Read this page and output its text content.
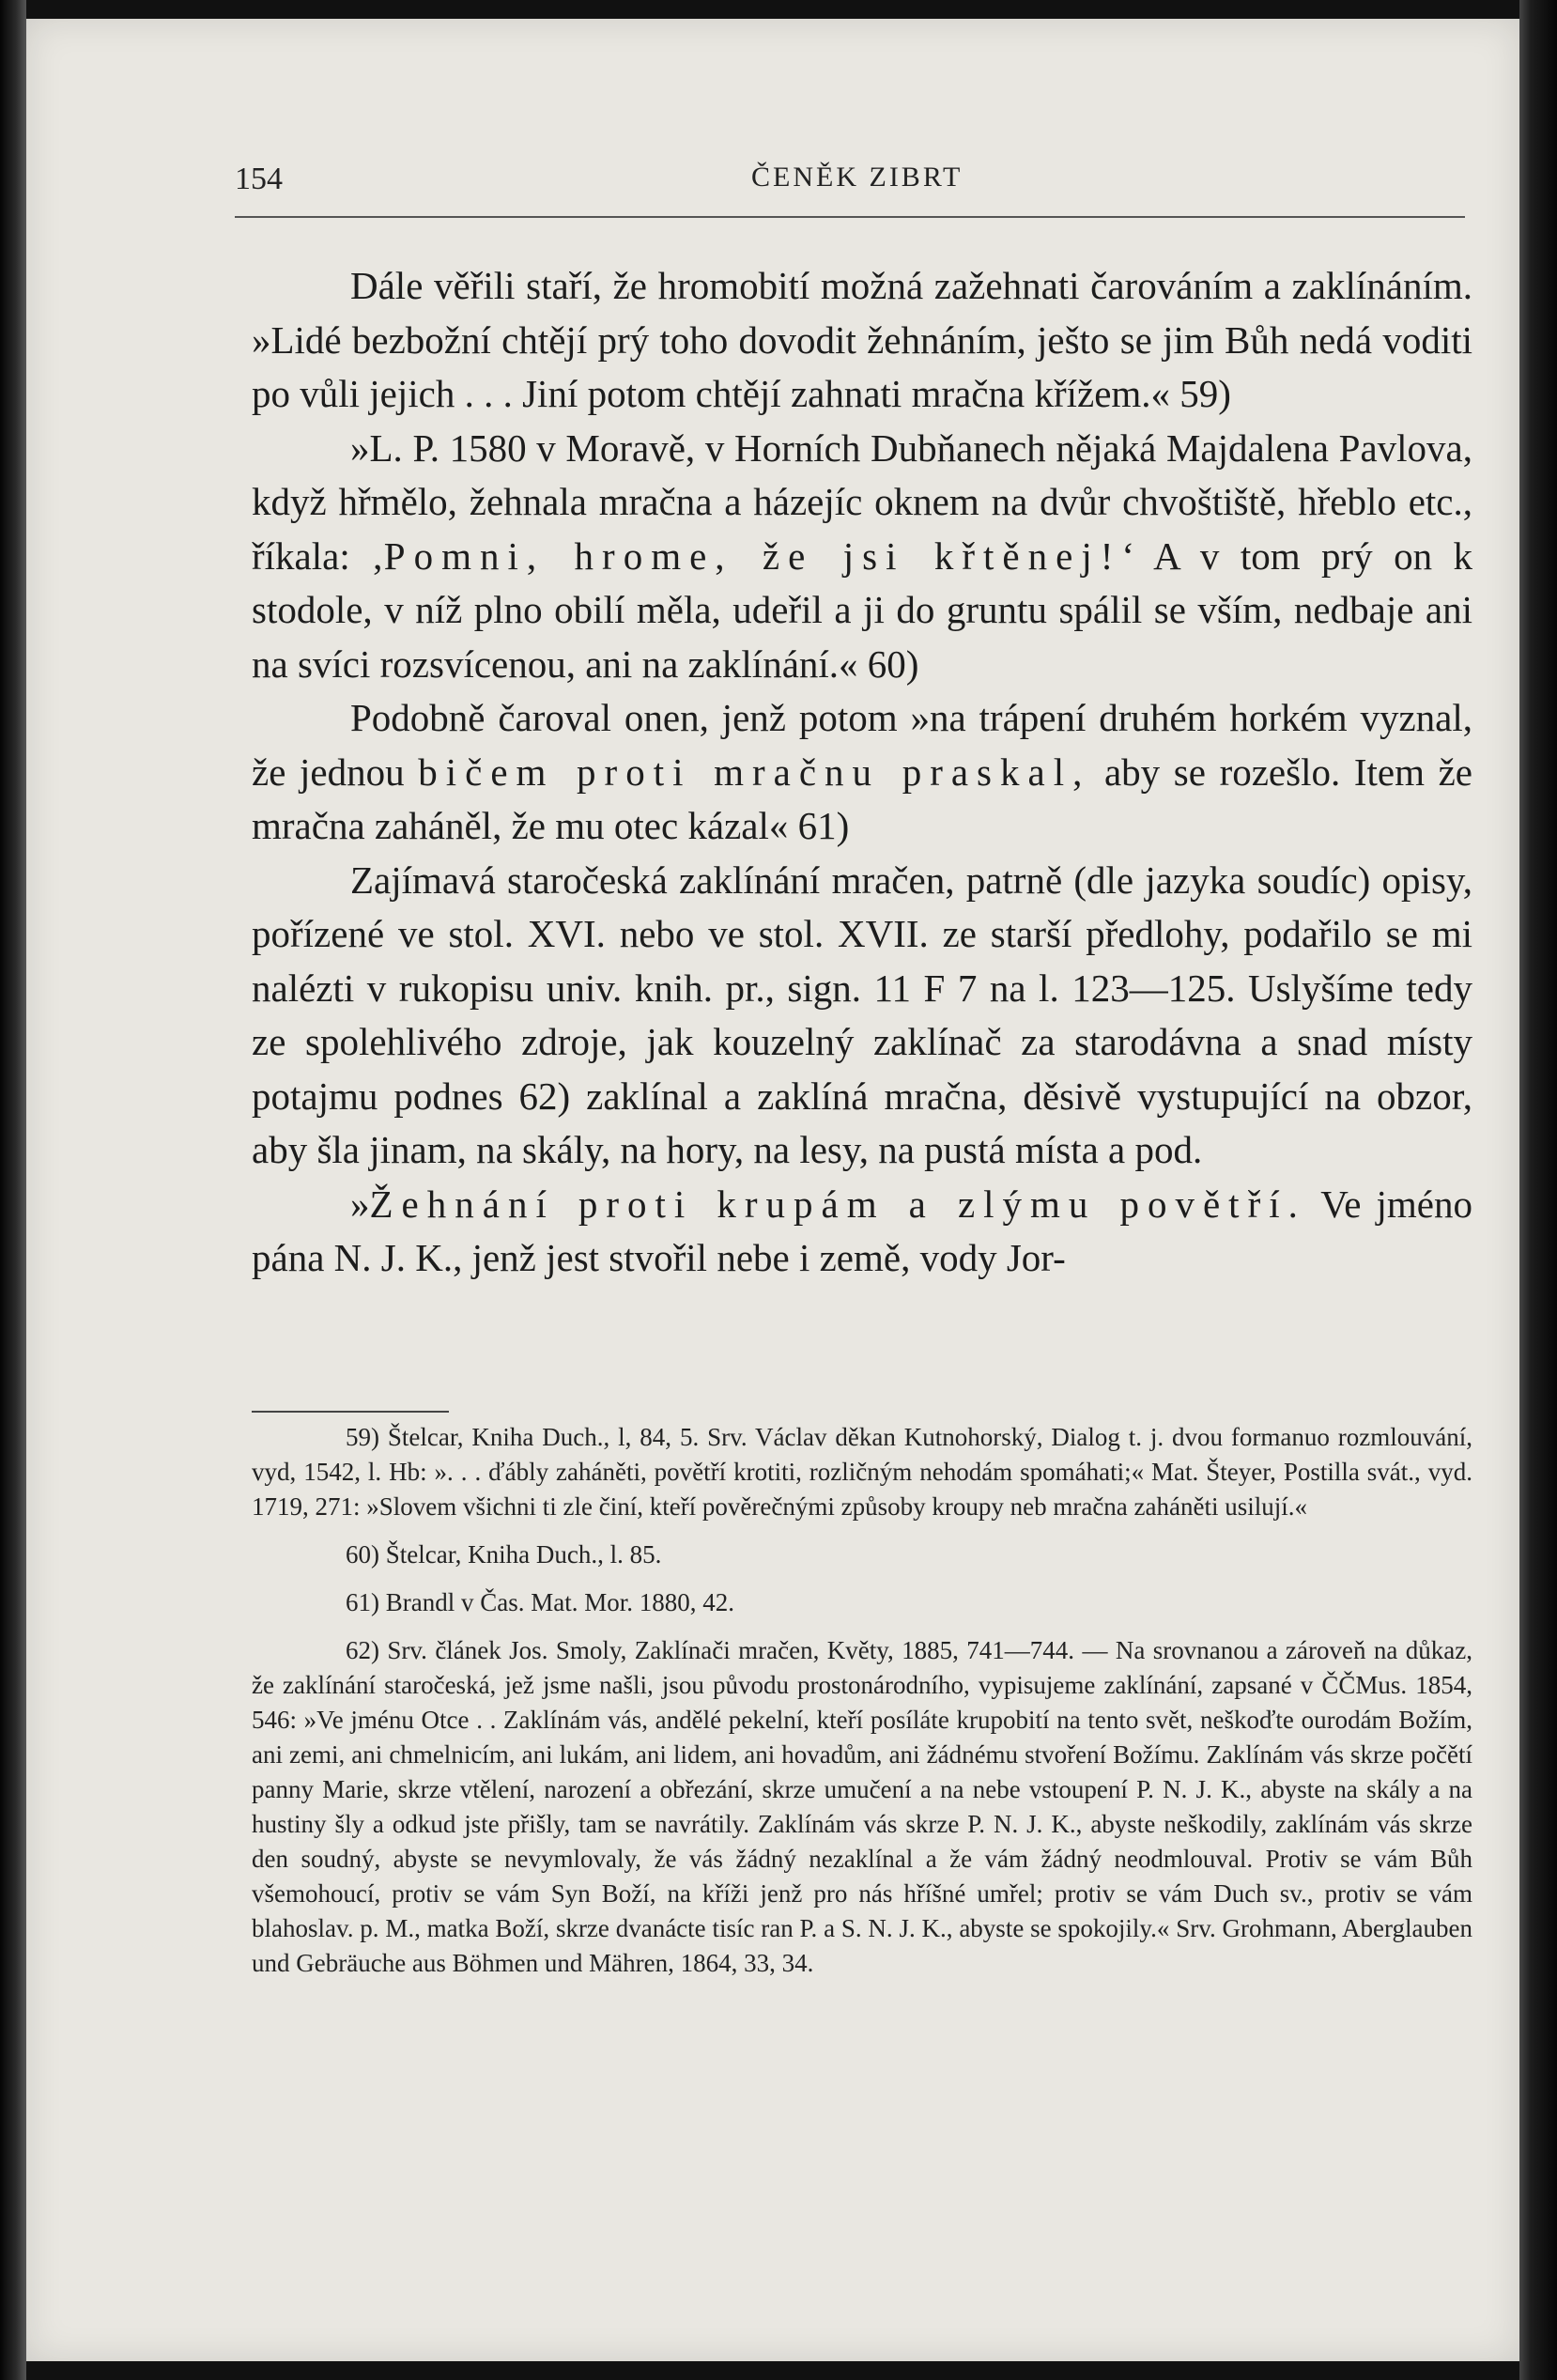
154	ČENĚK ZIBRT

Dále věřili staří, že hromobití možná zažehnati čarováním a zaklínáním. »Lidé bezbožní chtějí prý toho dovodit žehnáním, ješto se jim Bůh nedá voditi po vůli jejich . . . Jiní potom chtějí zahnati mračna křížem.« 59)

»L. P. 1580 v Moravě, v Horních Dubňanech nějaká Majdalena Pavlova, když hřmělo, žehnala mračna a házejíc oknem na dvůr chvoštiště, hřeblo etc., říkala: ‚Pomni, hrome, že jsi křtěnej!‘ A v tom prý on k stodole, v níž plno obilí měla, udeřil a ji do gruntu spálil se vším, nedbaje ani na svíci rozsvícenou, ani na zaklínání.« 60)

Podobně čaroval onen, jenž potom »na trápení druhém horkém vyznal, že jednou bičem proti mračnu praskal, aby se rozešlo. Item že mračna zaháněl, že mu otec kázal« 61)

Zajímavá staročeská zaklínání mračen, patrně (dle jazyka soudíc) opisy, pořízené ve stol. XVI. nebo ve stol. XVII. ze starší předlohy, podařilo se mi nalézti v rukopisu univ. knih. pr., sign. 11 F 7 na l. 123—125. Uslyšíme tedy ze spolehlivého zdroje, jak kouzelný zaklínač za starodávna a snad místy potajmu podnes 62) zaklínal a zaklíná mračna, děsivě vystupující na obzor, aby šla jinam, na skály, na hory, na lesy, na pustá místa a pod.

»Žehnání proti krupám a zlýmu povětří. Ve jméno pána N. J. K., jenž jest stvořil nebe i země, vody Jor-

59) Štelcar, Kniha Duch., l, 84, 5. Srv. Václav děkan Kutnohorský, Dialog t. j. dvou formanuo rozmlouvání, vyd, 1542, l. Hb: ». . . ďábly zaháněti, povětří krotiti, rozličným nehodám spomáhati;« Mat. Šteyer, Postilla svát., vyd. 1719, 271: »Slovem všichni ti zle činí, kteří pověrečnými způsoby kroupy neb mračna zaháněti usilují.«

60) Štelcar, Kniha Duch., l. 85.

61) Brandl v Čas. Mat. Mor. 1880, 42.

62) Srv. článek Jos. Smoly, Zaklínači mračen, Květy, 1885, 741—744. — Na srovnanou a zároveň na důkaz, že zaklínání staročeská, jež jsme našli, jsou původu prostonárodního, vypisujeme zaklínání, zapsané v ČČMus. 1854, 546: »Ve jménu Otce . . Zaklínám vás, andělé pekelní, kteří posíláte krupobití na tento svět, neškoďte ourodám Božím, ani zemi, ani chmelnicím, ani lukám, ani lidem, ani hovadům, ani žádnému stvoření Božímu. Zaklínám vás skrze počětí panny Marie, skrze vtělení, narození a obřezání, skrze umučení a na nebe vstoupení P. N. J. K., abyste na skály a na hustiny šly a odkud jste přišly, tam se navrátily. Zaklínám vás skrze P. N. J. K., abyste neškodily, zaklínám vás skrze den soudný, abyste se nevymlovaly, že vás žádný nezaklínal a že vám žádný neodmlouval. Protiv se vám Bůh všemohoucí, protiv se vám Syn Boží, na kříži jenž pro nás hříšné umřel; protiv se vám Duch sv., protiv se vám blahoslav. p. M., matka Boží, skrze dvanácte tisíc ran P. a S. N. J. K., abyste se spokojily.« Srv. Grohmann, Aberglauben und Gebräuche aus Böhmen und Mähren, 1864, 33, 34.
